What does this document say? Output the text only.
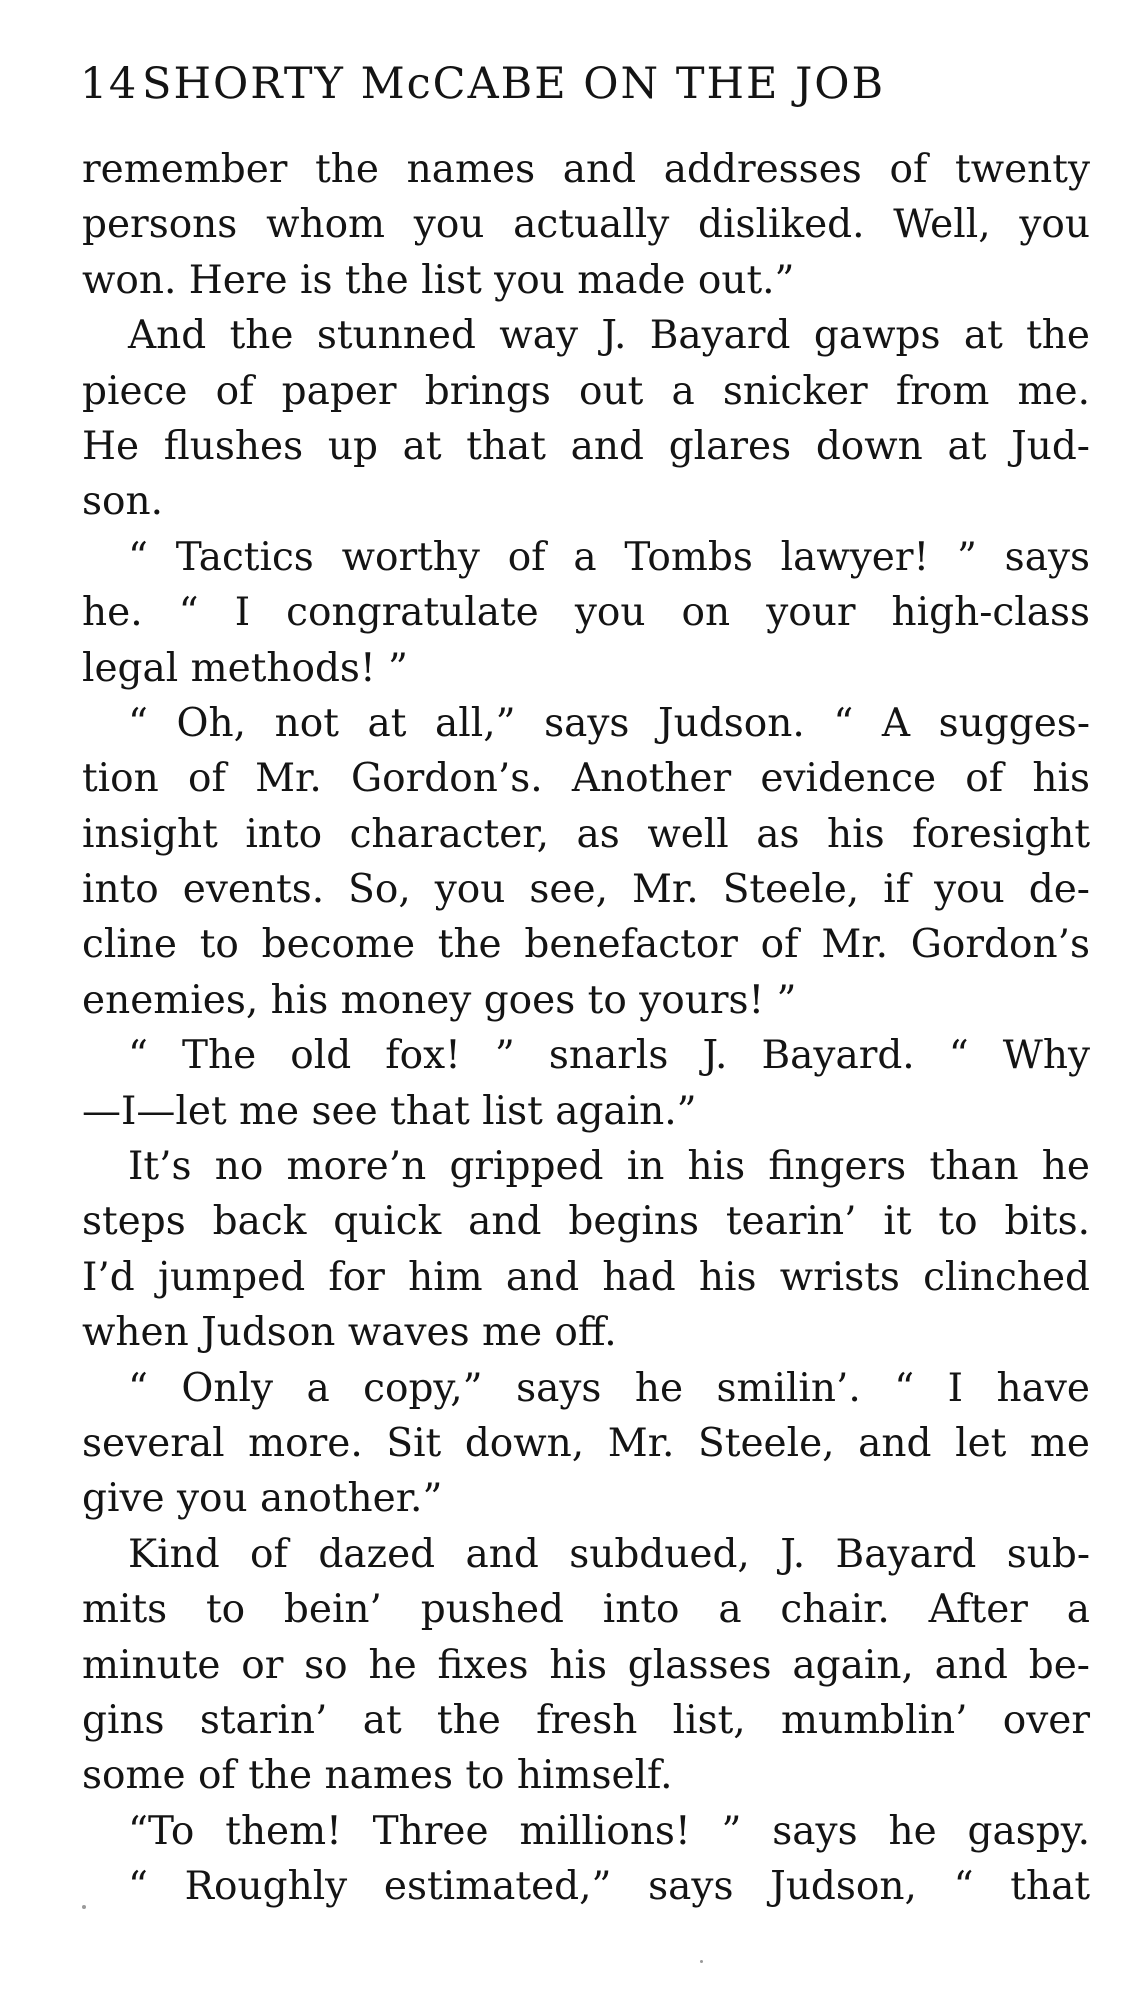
14SHORTY McCABE ON THE JOB
remember the names and addresses of twenty
persons whom you actually disliked. Well, you
won. Here is the list you made out.”
And the stunned way J. Bayard gawps at the
piece of paper brings out a snicker from me.
He flushes up at that and glares down at Jud-
son.
“ Tactics worthy of a Tombs lawyer! ” says
he. “ I congratulate you on your high-class
legal methods! ”
“ Oh, not at all,” says Judson. “ A sugges-
tion of Mr. Gordon’s. Another evidence of his
insight into character, as well as his foresight
into events. So, you see, Mr. Steele, if you de-
cline to become the benefactor of Mr. Gordon’s
enemies, his money goes to yours! ”
“ The old fox! ” snarls J. Bayard. “ Why
—I—let me see that list again.”
It’s no more’n gripped in his fingers than he
steps back quick and begins tearin’ it to bits.
I’d jumped for him and had his wrists clinched
when Judson waves me off.
“ Only a copy,” says he smilin’. “ I have
several more. Sit down, Mr. Steele, and let me
give you another.”
Kind of dazed and subdued, J. Bayard sub-
mits to bein’ pushed into a chair. After a
minute or so he fixes his glasses again, and be-
gins starin’ at the fresh list, mumblin’ over
some of the names to himself.
“To them! Three millions! ” says he gaspy.
“ Roughly estimated,” says Judson, “ that
